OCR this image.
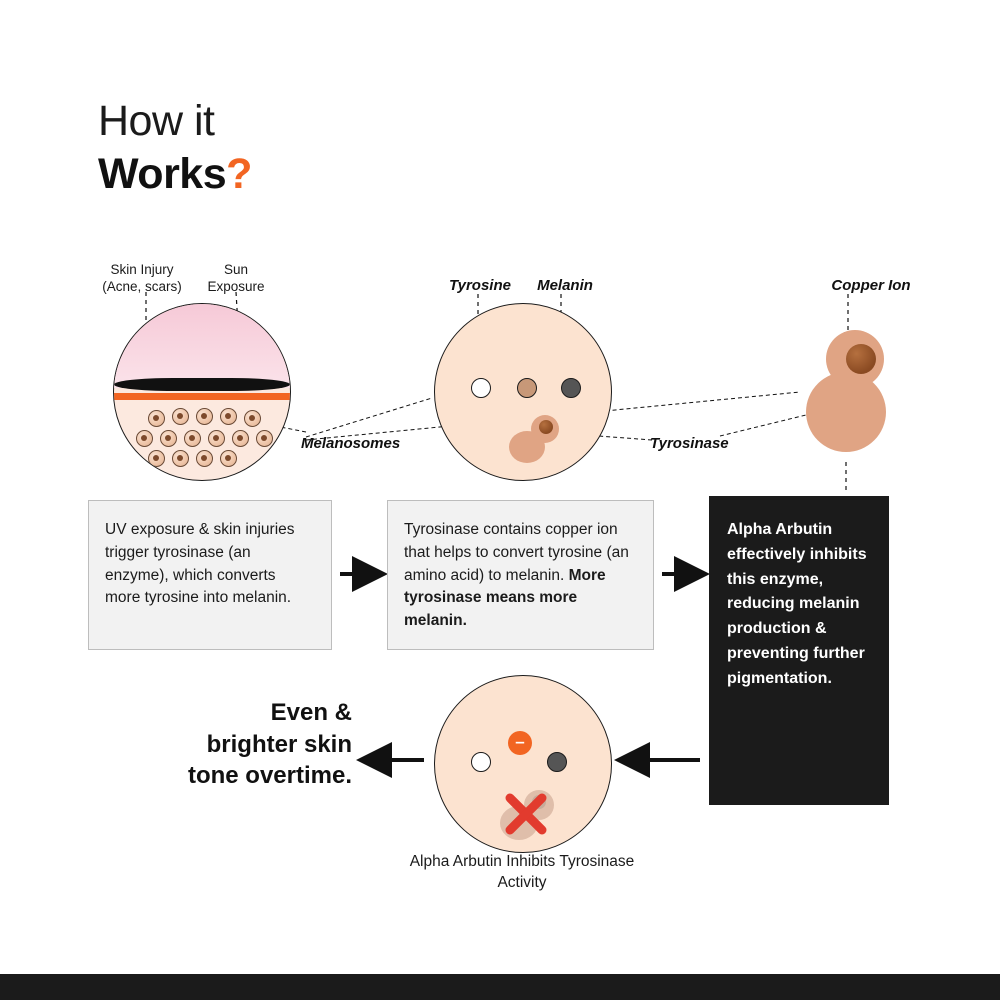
How it
Works?
Skin Injury
(Acne, scars)
Sun
Exposure	Tyrosine	Melanin	Copper Ion
Melanosomes	Tyrosinase
UV exposure & skin injuries trigger tyrosinase (an enzyme), which converts more tyrosine into melanin.
Tyrosinase contains copper ion that helps to convert tyrosine (an amino acid) to melanin. More tyrosinase means more melanin.
Alpha Arbutin effectively inhibits this enzyme, reducing melanin production & preventing further pigmentation.
–
Alpha Arbutin Inhibits Tyrosinase Activity
Even & brighter skin tone overtime.
